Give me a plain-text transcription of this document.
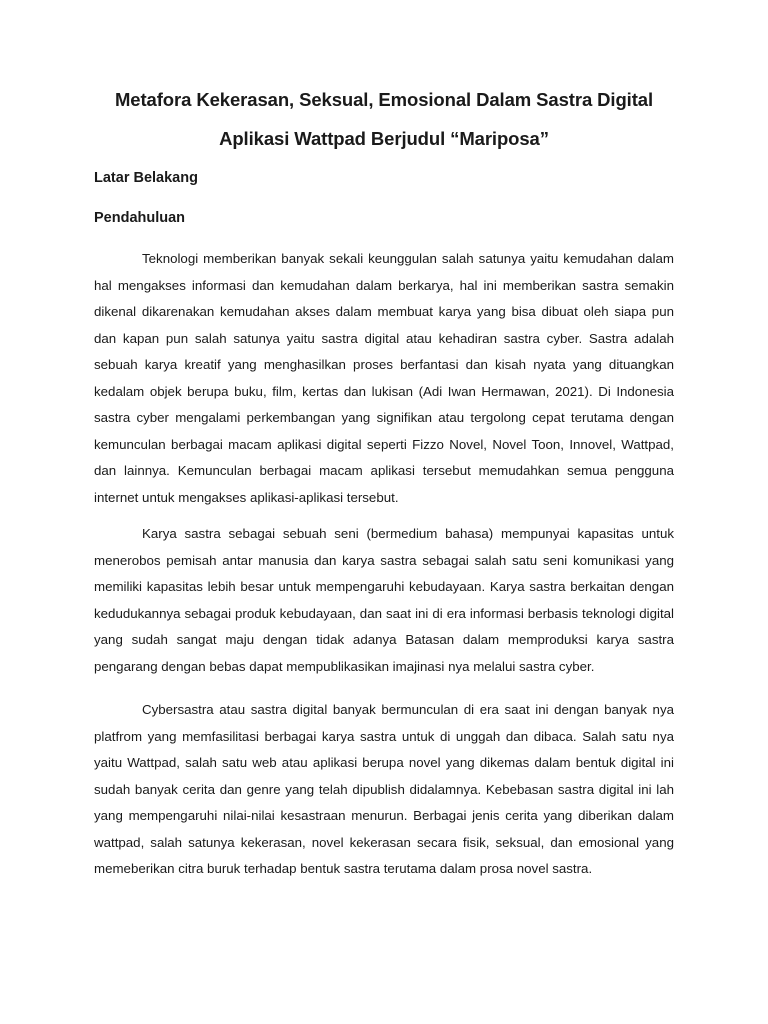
Metafora Kekerasan, Seksual, Emosional Dalam Sastra Digital
Aplikasi Wattpad Berjudul “Mariposa”
Latar Belakang
Pendahuluan

Teknologi memberikan banyak sekali keunggulan salah satunya yaitu kemudahan dalam hal mengakses informasi dan kemudahan dalam berkarya, hal ini memberikan sastra semakin dikenal dikarenakan kemudahan akses dalam membuat karya yang bisa dibuat oleh siapa pun dan kapan pun salah satunya yaitu sastra digital atau kehadiran sastra cyber. Sastra adalah sebuah karya kreatif yang menghasilkan proses berfantasi dan kisah nyata yang dituangkan kedalam objek berupa buku, film, kertas dan lukisan (Adi Iwan Hermawan, 2021). Di Indonesia sastra cyber mengalami perkembangan yang signifikan atau tergolong cepat terutama dengan kemunculan berbagai macam aplikasi digital seperti Fizzo Novel, Novel Toon, Innovel, Wattpad, dan lainnya. Kemunculan berbagai macam aplikasi tersebut memudahkan semua pengguna internet untuk mengakses aplikasi-aplikasi tersebut.

Karya sastra sebagai sebuah seni (bermedium bahasa) mempunyai kapasitas untuk menerobos pemisah antar manusia dan karya sastra sebagai salah satu seni komunikasi yang memiliki kapasitas lebih besar untuk mempengaruhi kebudayaan. Karya sastra berkaitan dengan kedudukannya sebagai produk kebudayaan, dan saat ini di era informasi berbasis teknologi digital yang sudah sangat maju dengan tidak adanya Batasan dalam memproduksi karya sastra pengarang dengan bebas dapat mempublikasikan imajinasi nya melalui sastra cyber.

Cybersastra atau sastra digital banyak bermunculan di era saat ini dengan banyak nya platfrom yang memfasilitasi berbagai karya sastra untuk di unggah dan dibaca. Salah satu nya yaitu Wattpad, salah satu web atau aplikasi berupa novel yang dikemas dalam bentuk digital ini sudah banyak cerita dan genre yang telah dipublish didalamnya. Kebebasan sastra digital ini lah yang mempengaruhi nilai-nilai kesastraan menurun. Berbagai jenis cerita yang diberikan dalam wattpad, salah satunya kekerasan, novel kekerasan secara fisik, seksual, dan emosional yang memeberikan citra buruk terhadap bentuk sastra terutama dalam prosa novel sastra.
